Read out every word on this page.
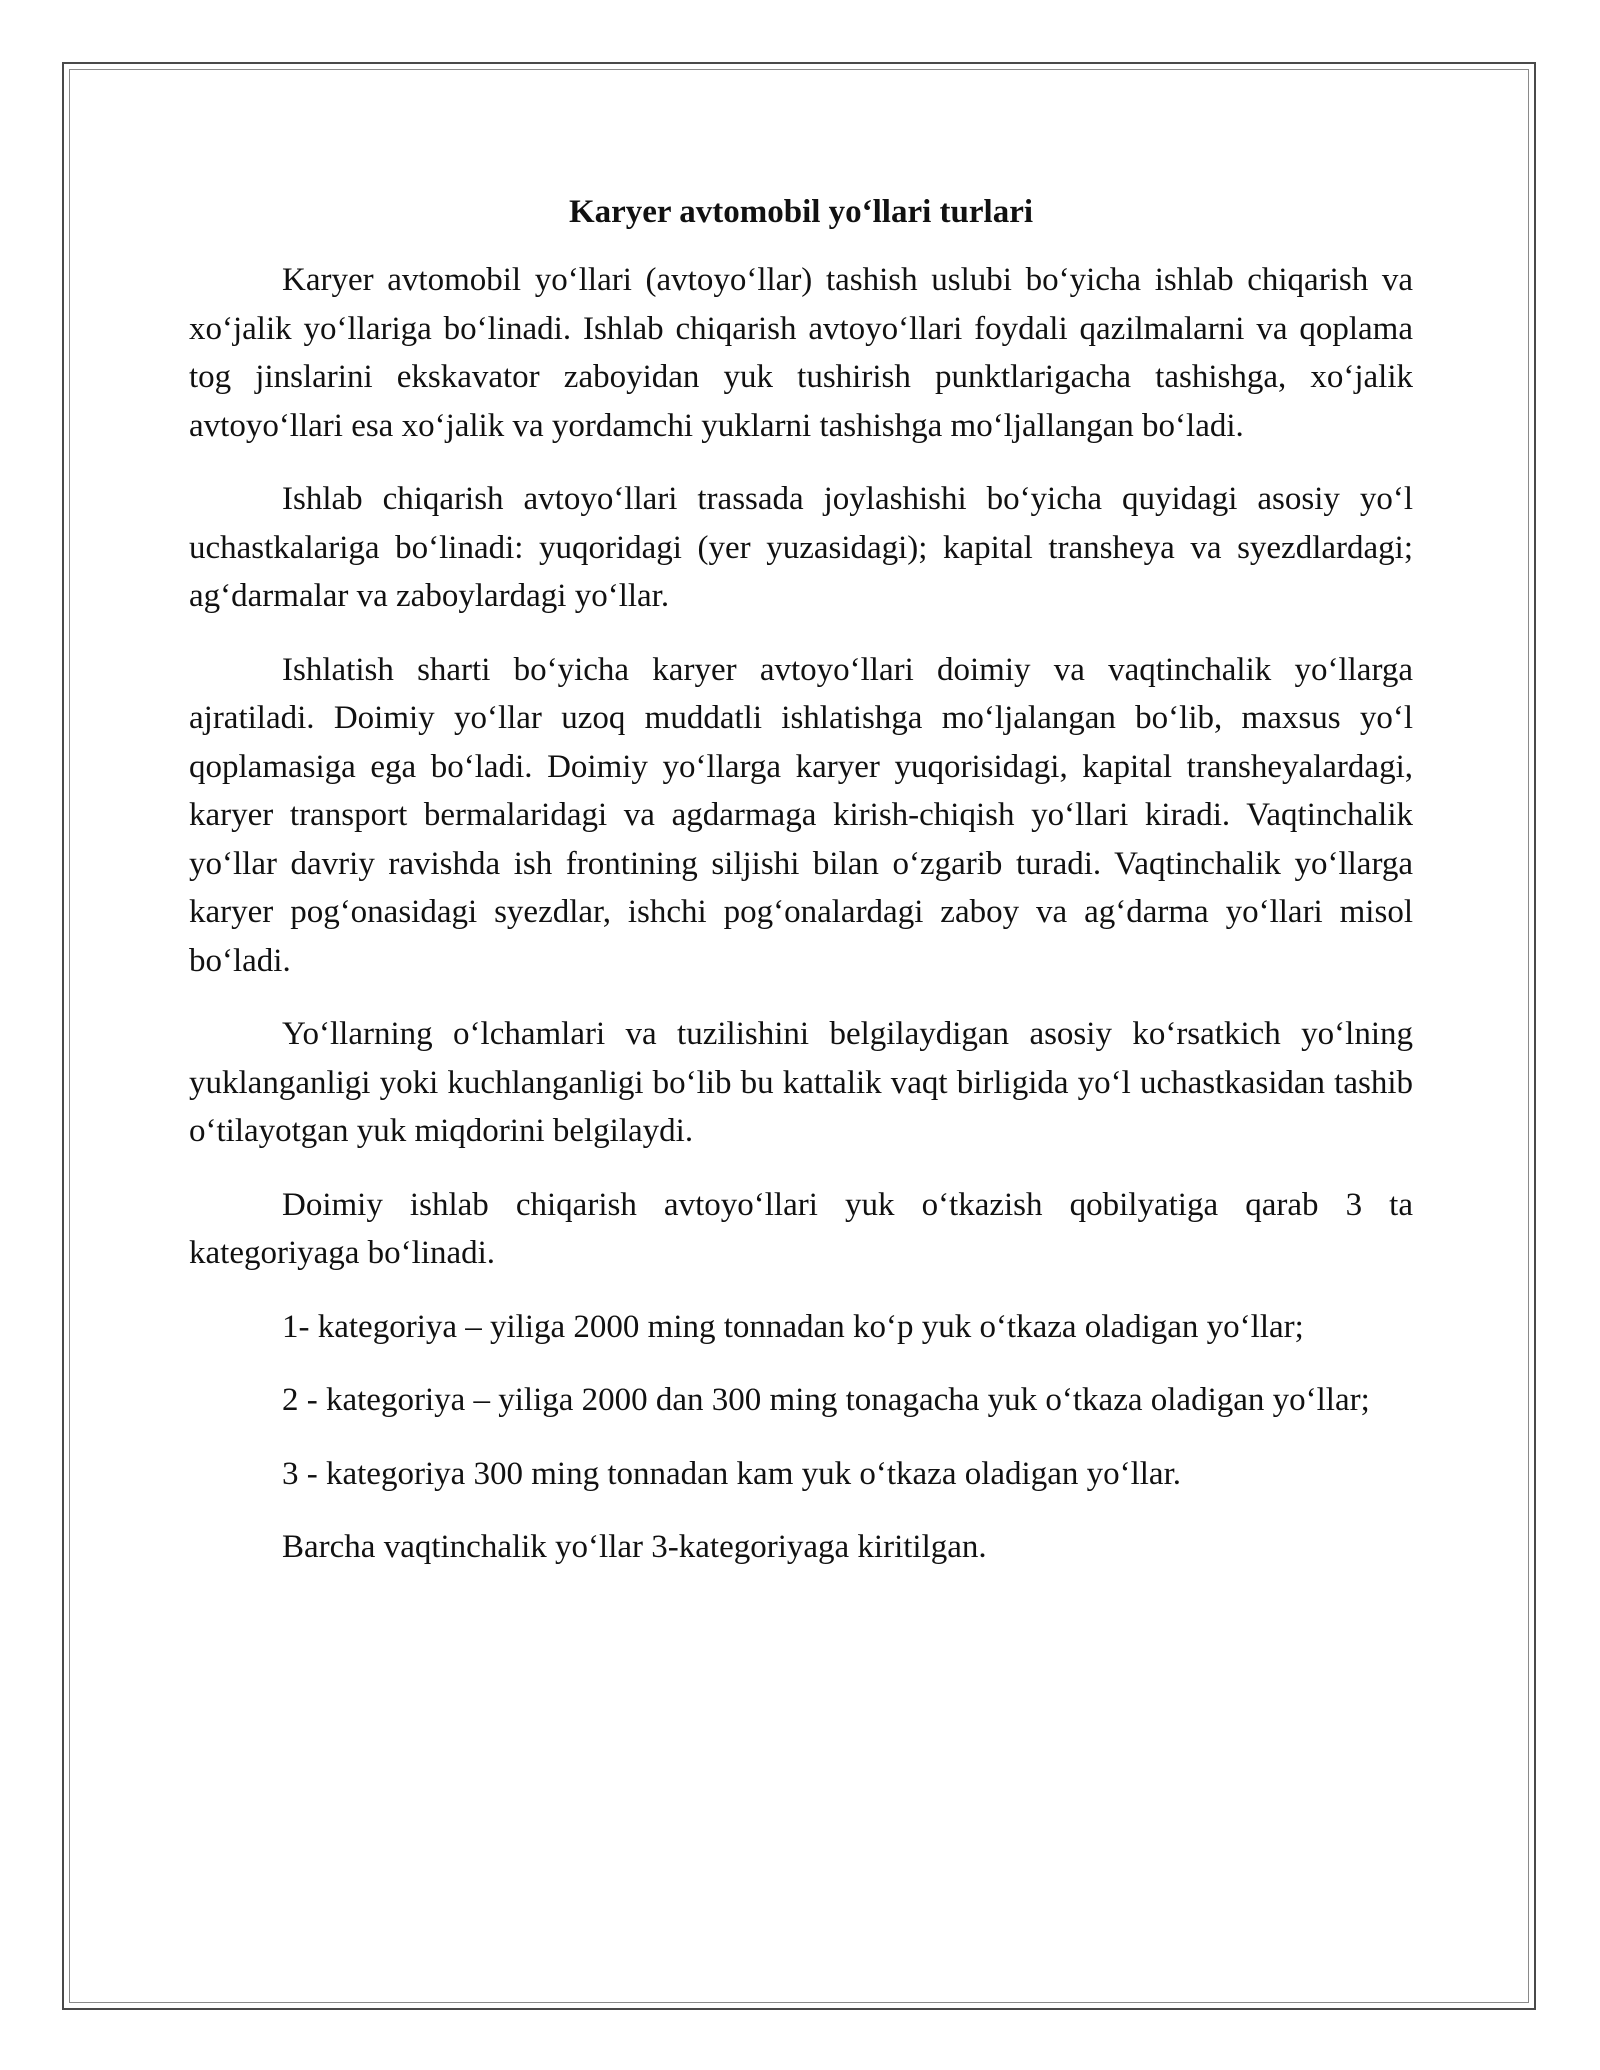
Karyer avtomobil yo‘llari turlari

Karyer avtomobil yo‘llari (avtoyo‘llar) tashish uslubi bo‘yicha ishlab chiqarish va xo‘jalik yo‘llariga bo‘linadi. Ishlab chiqarish avtoyo‘llari foydali qazilmalarni va qoplama tog jinslarini ekskavator zaboyidan yuk tushirish punktlarigacha tashishga, xo‘jalik avtoyo‘llari esa xo‘jalik va yordamchi yuklarni tashishga mo‘ljallangan bo‘ladi.

Ishlab chiqarish avtoyo‘llari trassada joylashishi bo‘yicha quyidagi asosiy yo‘l uchastkalariga bo‘linadi: yuqoridagi (yer yuzasidagi); kapital transheya va syezdlardagi; ag‘darmalar va zaboylardagi yo‘llar.

Ishlatish sharti bo‘yicha karyer avtoyo‘llari doimiy va vaqtinchalik yo‘llarga ajratiladi. Doimiy yo‘llar uzoq muddatli ishlatishga mo‘ljalangan bo‘lib, maxsus yo‘l qoplamasiga ega bo‘ladi. Doimiy yo‘llarga karyer yuqorisidagi, kapital transheyalardagi, karyer transport bermalaridagi va agdarmaga kirish-chiqish yo‘llari kiradi. Vaqtinchalik yo‘llar davriy ravishda ish frontining siljishi bilan o‘zgarib turadi. Vaqtinchalik yo‘llarga karyer pog‘onasidagi syezdlar, ishchi pog‘onalardagi zaboy va ag‘darma yo‘llari misol bo‘ladi.

Yo‘llarning o‘lchamlari va tuzilishini belgilaydigan asosiy ko‘rsatkich yo‘lning yuklanganligi yoki kuchlanganligi bo‘lib bu kattalik vaqt birligida yo‘l uchastkasidan tashib o‘tilayotgan yuk miqdorini belgilaydi.

Doimiy ishlab chiqarish avtoyo‘llari yuk o‘tkazish qobilyatiga qarab 3 ta kategoriyaga bo‘linadi.

1- kategoriya – yiliga 2000 ming tonnadan ko‘p yuk o‘tkaza oladigan yo‘llar;

2 - kategoriya – yiliga 2000 dan 300 ming tonagacha yuk o‘tkaza oladigan yo‘llar;

3 - kategoriya 300 ming tonnadan kam yuk o‘tkaza oladigan yo‘llar.

Barcha vaqtinchalik yo‘llar 3-kategoriyaga kiritilgan.
